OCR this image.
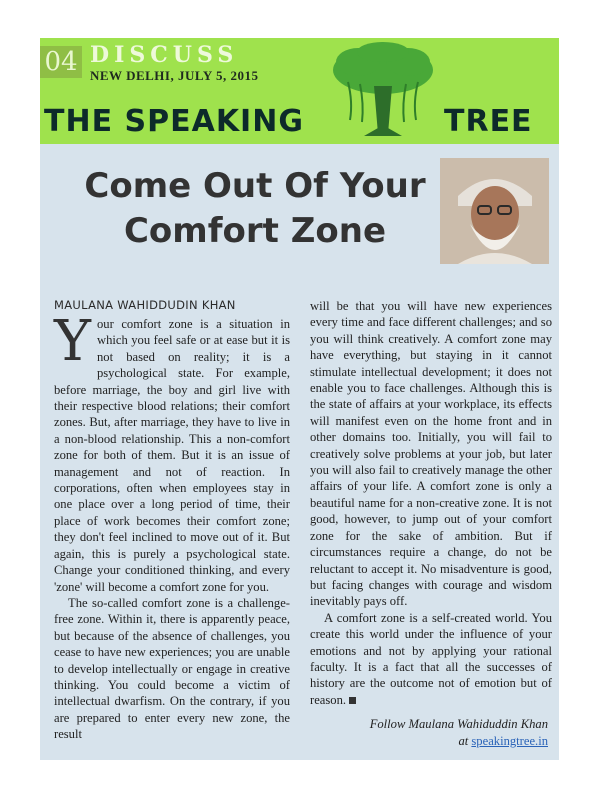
04 DISCUSS
NEW DELHI, JULY 5, 2015
THE SPEAKING	TREE
Come Out Of Your
Comfort Zone
MAULANA WAHIDDUDIN KHAN
Y our comfort zone is a situation in which you feel safe or at ease but it is not based on reality; it is a psychological state. For example, before marriage, the boy and girl live with their respective blood relations; their comfort zones. But, after marriage, they have to live in a non-blood relationship. This a non-comfort zone for both of them. But it is an issue of management and not of reaction. In corporations, often when employees stay in one place over a long period of time, their place of work becomes their comfort zone; they don't feel inclined to move out of it. But again, this is purely a psychological state. Change your conditioned thinking, and every 'zone' will become a comfort zone for you.

The so-called comfort zone is a challenge-free zone. Within it, there is apparently peace, but because of the absence of challenges, you cease to have new experiences; you are unable to develop intellectually or engage in creative thinking. You could become a victim of intellectual dwarfism. On the contrary, if you are prepared to enter every new zone, the result

will be that you will have new experiences every time and face different challenges; and so you will think creatively. A comfort zone may have everything, but staying in it cannot stimulate intellectual development; it does not enable you to face challenges. Although this is the state of affairs at your workplace, its effects will manifest even on the home front and in other domains too. Initially, you will fail to creatively solve problems at your job, but later you will also fail to creatively manage the other affairs of your life. A comfort zone is only a beautiful name for a non-creative zone. It is not good, however, to jump out of your comfort zone for the sake of ambition. But if circumstances require a change, do not be reluctant to accept it. No misadventure is good, but facing changes with courage and wisdom inevitably pays off.

A comfort zone is a self-created world. You create this world under the influence of your emotions and not by applying your rational faculty. It is a fact that all the successes of history are the outcome not of emotion but of reason.

Follow Maulana Wahiduddin Khan
at speakingtree.in
